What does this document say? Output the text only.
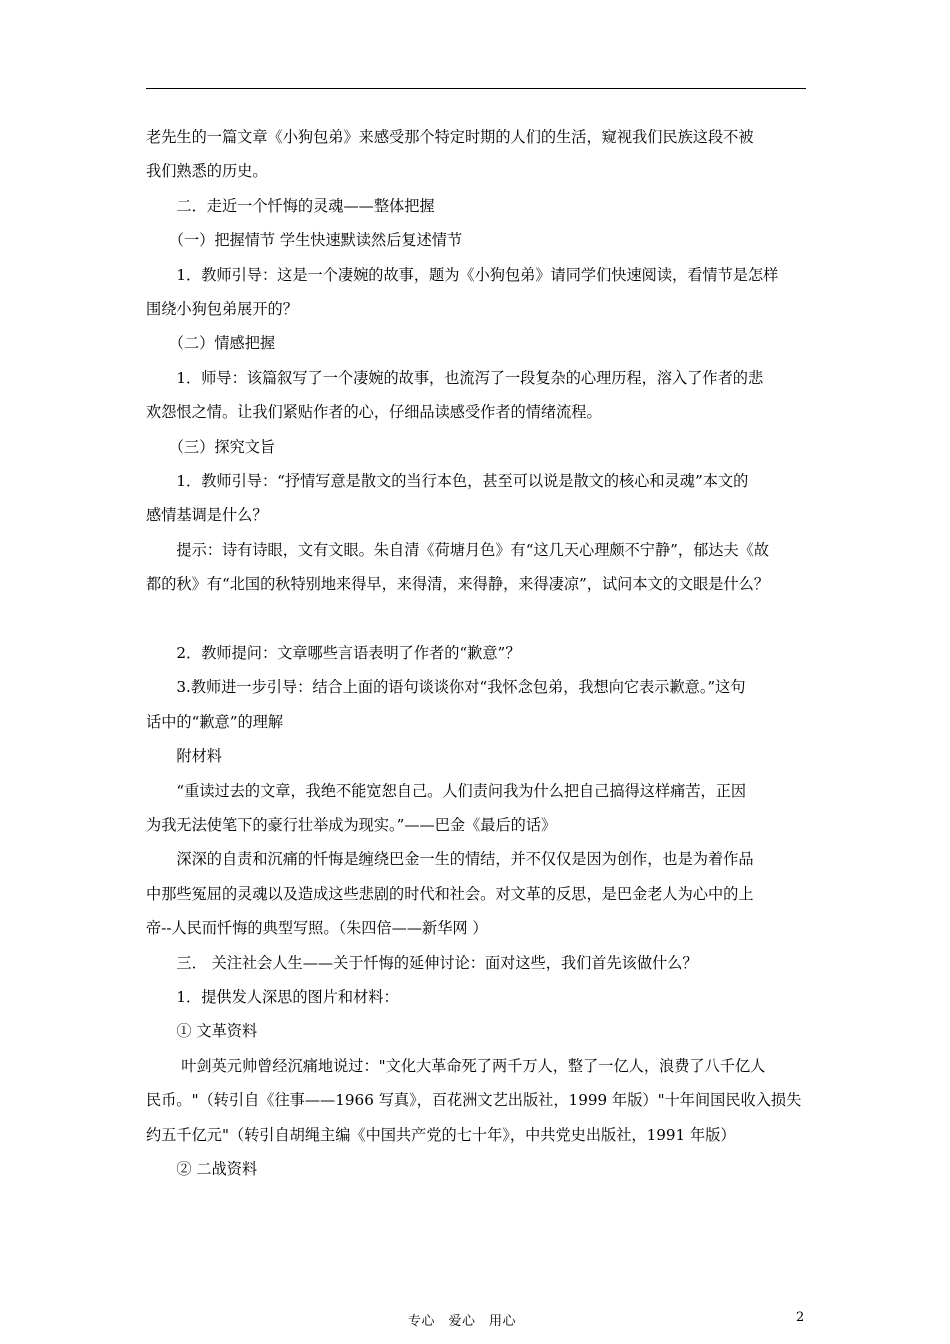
老先生的一篇文章《小狗包弟》来感受那个特定时期的人们的生活，窥视我们民族这段不被
我们熟悉的历史。
　　二．走近一个忏悔的灵魂——整体把握
　　（一）把握情节 学生快速默读然后复述情节
　　1．教师引导：这是一个凄婉的故事，题为《小狗包弟》请同学们快速阅读，看情节是怎样
围绕小狗包弟展开的？
　　（二）情感把握
　　1．师导：该篇叙写了一个凄婉的故事，也流泻了一段复杂的心理历程，溶入了作者的悲
欢怨恨之情。让我们紧贴作者的心，仔细品读感受作者的情绪流程。
　　（三）探究文旨
　　1．教师引导：“抒情写意是散文的当行本色，甚至可以说是散文的核心和灵魂”本文的
感情基调是什么？
　　提示：诗有诗眼，文有文眼。朱自清《荷塘月色》有“这几天心理颇不宁静”，郁达夫《故
都的秋》有“北国的秋特别地来得早，来得清，来得静，来得凄凉”，试问本文的文眼是什么？
　　2．教师提问：文章哪些言语表明了作者的“歉意”？
　　3.教师进一步引导：结合上面的语句谈谈你对“我怀念包弟，我想向它表示歉意。”这句
话中的“歉意”的理解
　　附材料
　　“重读过去的文章，我绝不能宽恕自己。人们责问我为什么把自己搞得这样痛苦，正因
为我无法使笔下的豪行壮举成为现实。”——巴金《最后的话》
　　深深的自责和沉痛的忏悔是缠绕巴金一生的情结，并不仅仅是因为创作，也是为着作品
中那些冤屈的灵魂以及造成这些悲剧的时代和社会。对文革的反思，是巴金老人为心中的上
帝--人民而忏悔的典型写照。（朱四倍——新华网 ）
　　三． 关注社会人生——关于忏悔的延伸讨论：面对这些，我们首先该做什么？
　　1．提供发人深思的图片和材料：
　　① 文革资料
　　 叶剑英元帅曾经沉痛地说过："文化大革命死了两千万人，整了一亿人，浪费了八千亿人
民币。"（转引自《往事——1966 写真》，百花洲文艺出版社，1999 年版）"十年间国民收入损失
约五千亿元"（转引自胡绳主编《中国共产党的七十年》，中共党史出版社，1991 年版）
　　② 二战资料
专心　爱心　用心	2
